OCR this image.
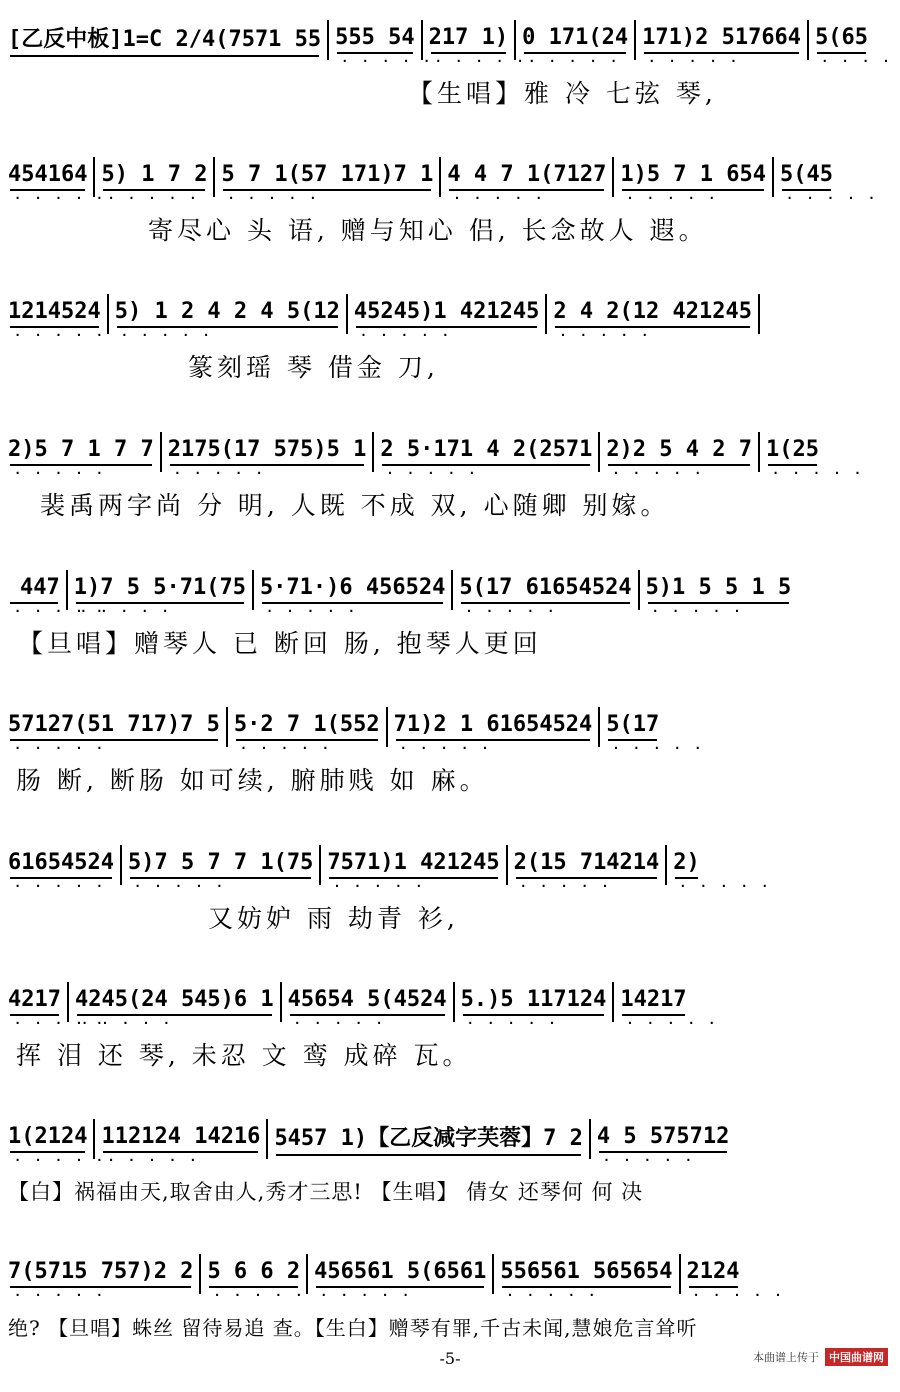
· · · [乙反中板]1=C 2/4(7571 55 · · · 555 54 · · · 217 1) · · · 0 171(24 · · · 171)2 517664 · · · 5(65
【生唱】雅 冷 七弦 琴,
· · · 454164 · · · 5) 1 7 2 · · · 5 7 1(57 171)7 1 · · · 4 4 7 1(7127 · · · 1)5 7 1 654 · · · 5(45
寄尽心 头 语, 赠与知心 侣, 长念故人 遐。
· · · 1214524 · · · 5) 1 2 4 2 4 5(12 · · · 45245)1 421245 · · · 2 4 2(12 421245
篆刻瑶 琴 借金 刀,
· · · 2)5 7 1 7 7 · · · 2175(17 575)5 1 · · · 2 5·171 4 2(2571 · · · 2)2 5 4 2 7 · · · 1(25
裴禹两字尚 分 明, 人既 不成 双, 心随卿 别嫁。
· · · 447 · · · 1)7 5 5·71(75 · · · 5·71·)6 456524 · · · 5(17 61654524 · · · 5)1 5 5 1 5
【旦唱】赠琴人 已 断回 肠, 抱琴人更回
· · · 57127(51 717)7 5 · · · 5·2 7 1(552 · · · 71)2 1 61654524 · · · 5(17
肠 断, 断肠 如可续, 腑肺贱 如 麻。
· · · 61654524 · · · 5)7 5 7 7 1(75 · · · 7571)1 421245 · · · 2(15 714214 · · · 2)
又妨妒 雨 劫青 衫,
· · · 4217 · · · 4245(24 545)6 1 · · · 45654 5(4524 · · · 5.)5 117124 · · · 14217
挥 泪 还 琴, 未忍 文 鸾 成碎 瓦。
· · · 1(2124 · · · 112124 14216 · · · 5457 1)【乙反减字芙蓉】7 2 · · · 4 5 575712
【白】祸福由天,取舍由人,秀才三思! 【生唱】 倩女 还琴何 何 决
· · · 7(5715 757)2 2 · · · 5 6 6 2 · · · 456561 5(6561 · · · 556561 565654 · · · 2124
绝? 【旦唱】蛛丝 留待易追 查。【生白】赠琴有罪,千古未闻,慧娘危言耸听
-5-	本曲谱上传于 中国曲谱网
